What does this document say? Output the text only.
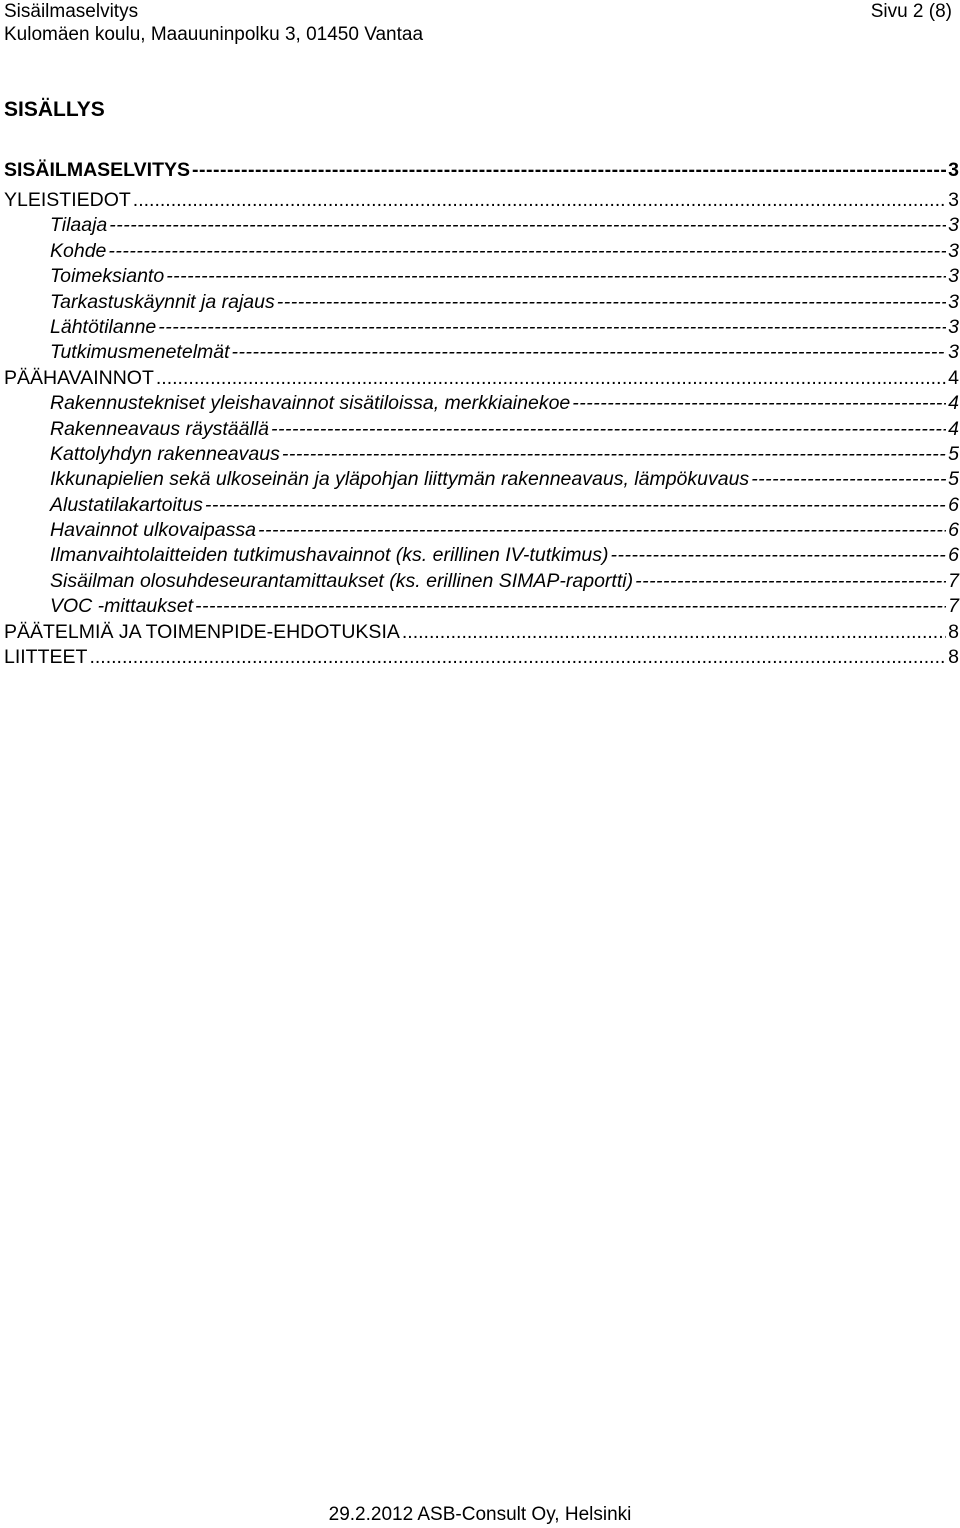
Sisäilmaselvitys
Kulomäen koulu, Maauuninpolku 3, 01450 Vantaa
Sivu 2 (8)
SISÄLLYS
SISÄILMASELVITYS -----	3
YLEISTIEDOT .....	3
Tilaaja -----	3
Kohde -----	3
Toimeksianto -----	3
Tarkastuskäynnit ja rajaus -----	3
Lähtötilanne -----	3
Tutkimusmenetelmät -----	3
PÄÄHAVAINNOT .....	4
Rakennustekniset yleishavainnot sisätiloissa, merkkiainekoe -----	4
Rakenneavaus räystäällä -----	4
Kattolyhdyn rakenneavaus -----	5
Ikkunapielien sekä ulkoseinän ja yläpohjan liittymän rakenneavaus, lämpökuvaus -----	5
Alustatilakartoitus -----	6
Havainnot ulkovaipassa -----	6
Ilmanvaihtolaitteiden tutkimushavainnot (ks. erillinen IV-tutkimus) -----	6
Sisäilman olosuhdeseurantamittaukset (ks. erillinen SIMAP-raportti) -----	7
VOC -mittaukset -----	7
PÄÄTELMIÄ JA TOIMENPIDE-EHDOTUKSIA .....	8
LIITTEET .....	8
29.2.2012 ASB-Consult Oy, Helsinki
